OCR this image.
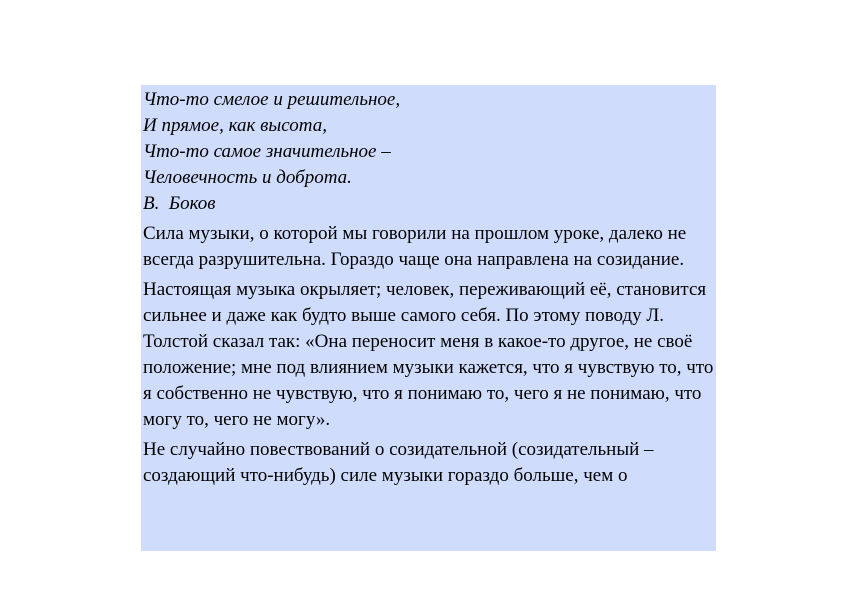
Что-то смелое и решительное,
И прямое, как высота,
Что-то самое значительное –
Человечность и доброта.
В.  Боков

Сила музыки, о которой мы говорили на прошлом уроке, далеко не всегда разрушительна. Гораздо чаще она направлена на созидание.

Настоящая музыка окрыляет; человек, переживающий её, становится сильнее и даже как будто выше самого себя. По этому поводу Л. Толстой сказал так: «Она переносит меня в какое-то другое, не своё положение; мне под влиянием музыки кажется, что я чувствую то, что я собственно не чувствую, что я понимаю то, чего я не понимаю, что могу то, чего не могу».

Не случайно повествований о созидательной (созидательный – создающий что-нибудь) силе музыки гораздо больше, чем о
